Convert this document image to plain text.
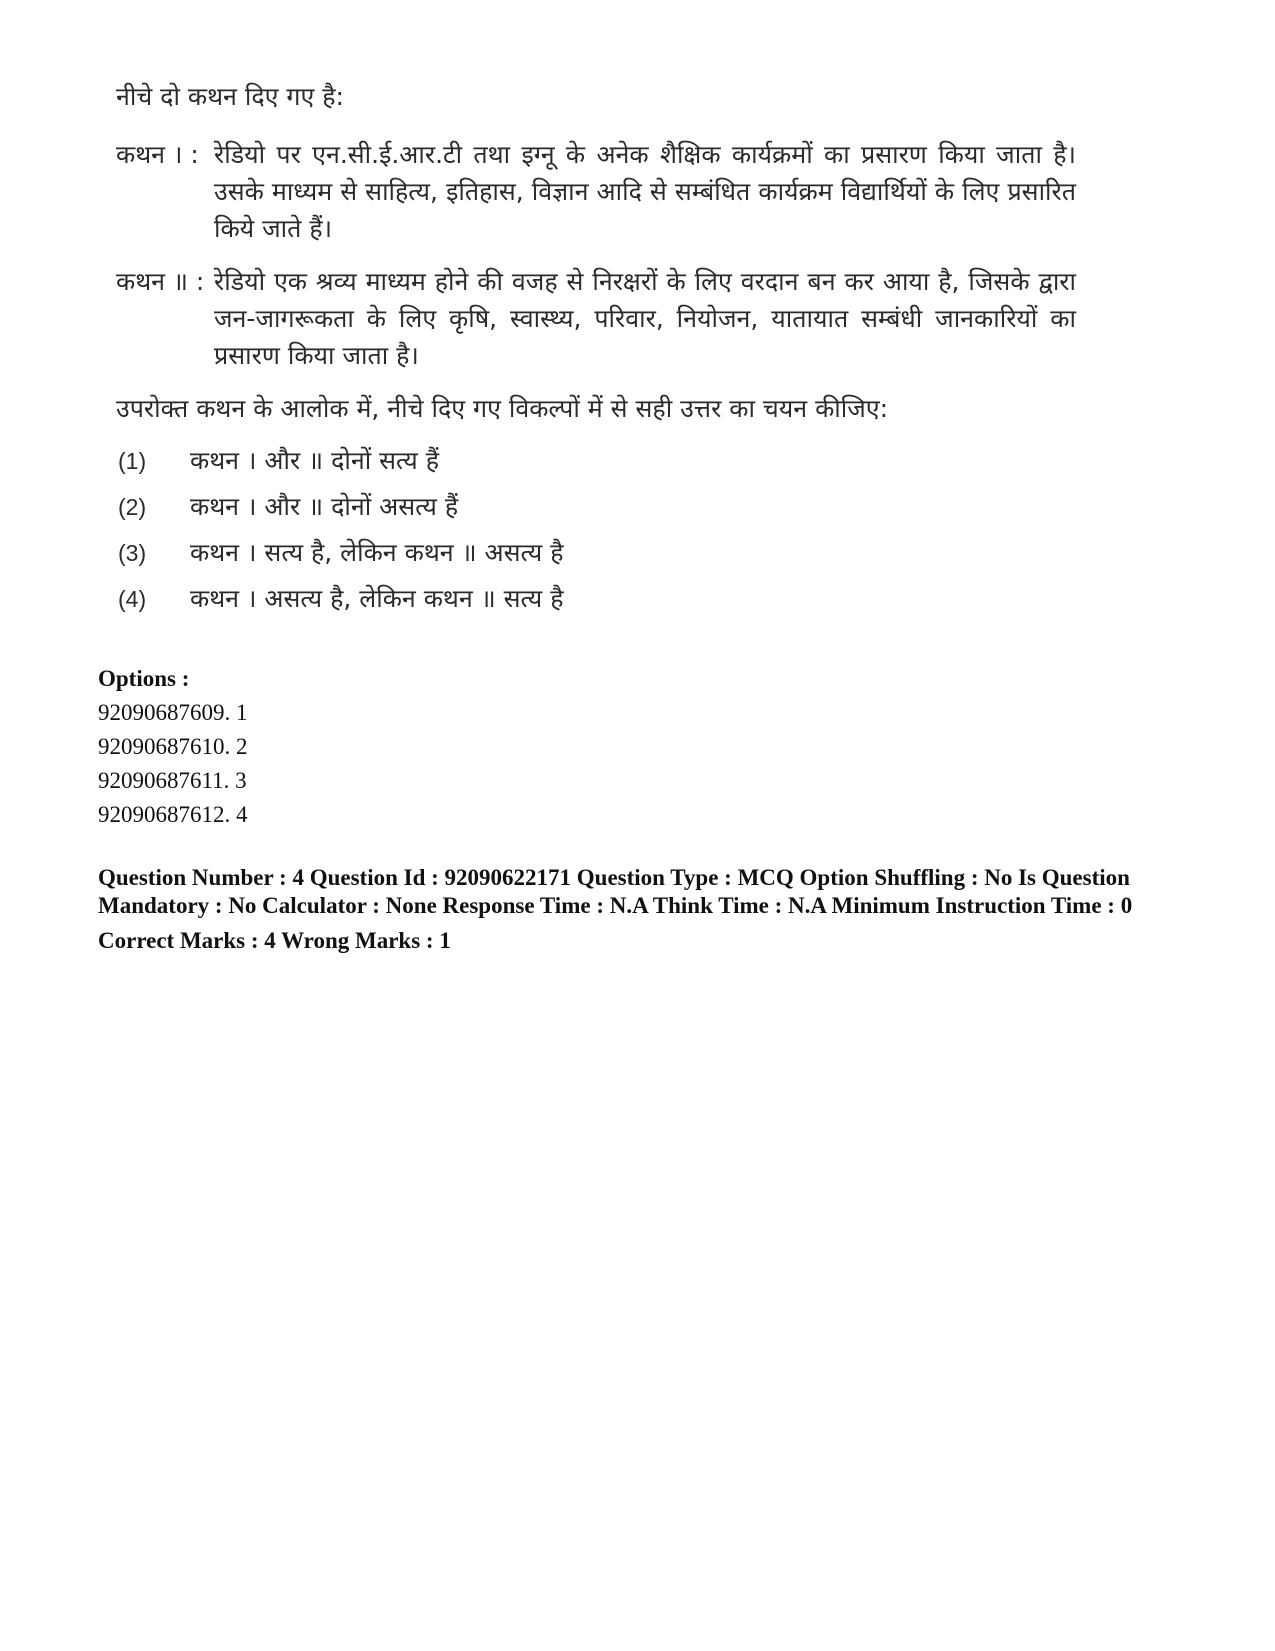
नीचे दो कथन दिए गए है:
कथन । : रेडियो पर एन.सी.ई.आर.टी तथा इग्नू के अनेक शैक्षिक कार्यक्रमों का प्रसारण किया जाता है। उसके माध्यम से साहित्य, इतिहास, विज्ञान आदि से सम्बंधित कार्यक्रम विद्यार्थियों के लिए प्रसारित किये जाते हैं।
कथन ॥ : रेडियो एक श्रव्य माध्यम होने की वजह से निरक्षरों के लिए वरदान बन कर आया है, जिसके द्वारा जन-जागरूकता के लिए कृषि, स्वास्थ्य, परिवार, नियोजन, यातायात सम्बंधी जानकारियों का प्रसारण किया जाता है।
उपरोक्त कथन के आलोक में, नीचे दिए गए विकल्पों में से सही उत्तर का चयन कीजिए:
(1)	कथन । और ॥ दोनों सत्य हैं
(2)	कथन । और ॥ दोनों असत्य हैं
(3)	कथन । सत्य है, लेकिन कथन ॥ असत्य है
(4)	कथन । असत्य है, लेकिन कथन ॥ सत्य है
Options :
92090687609. 1
92090687610. 2
92090687611. 3
92090687612. 4
Question Number : 4 Question Id : 92090622171 Question Type : MCQ Option Shuffling : No Is Question Mandatory : No Calculator : None Response Time : N.A Think Time : N.A Minimum Instruction Time : 0
Correct Marks : 4 Wrong Marks : 1
